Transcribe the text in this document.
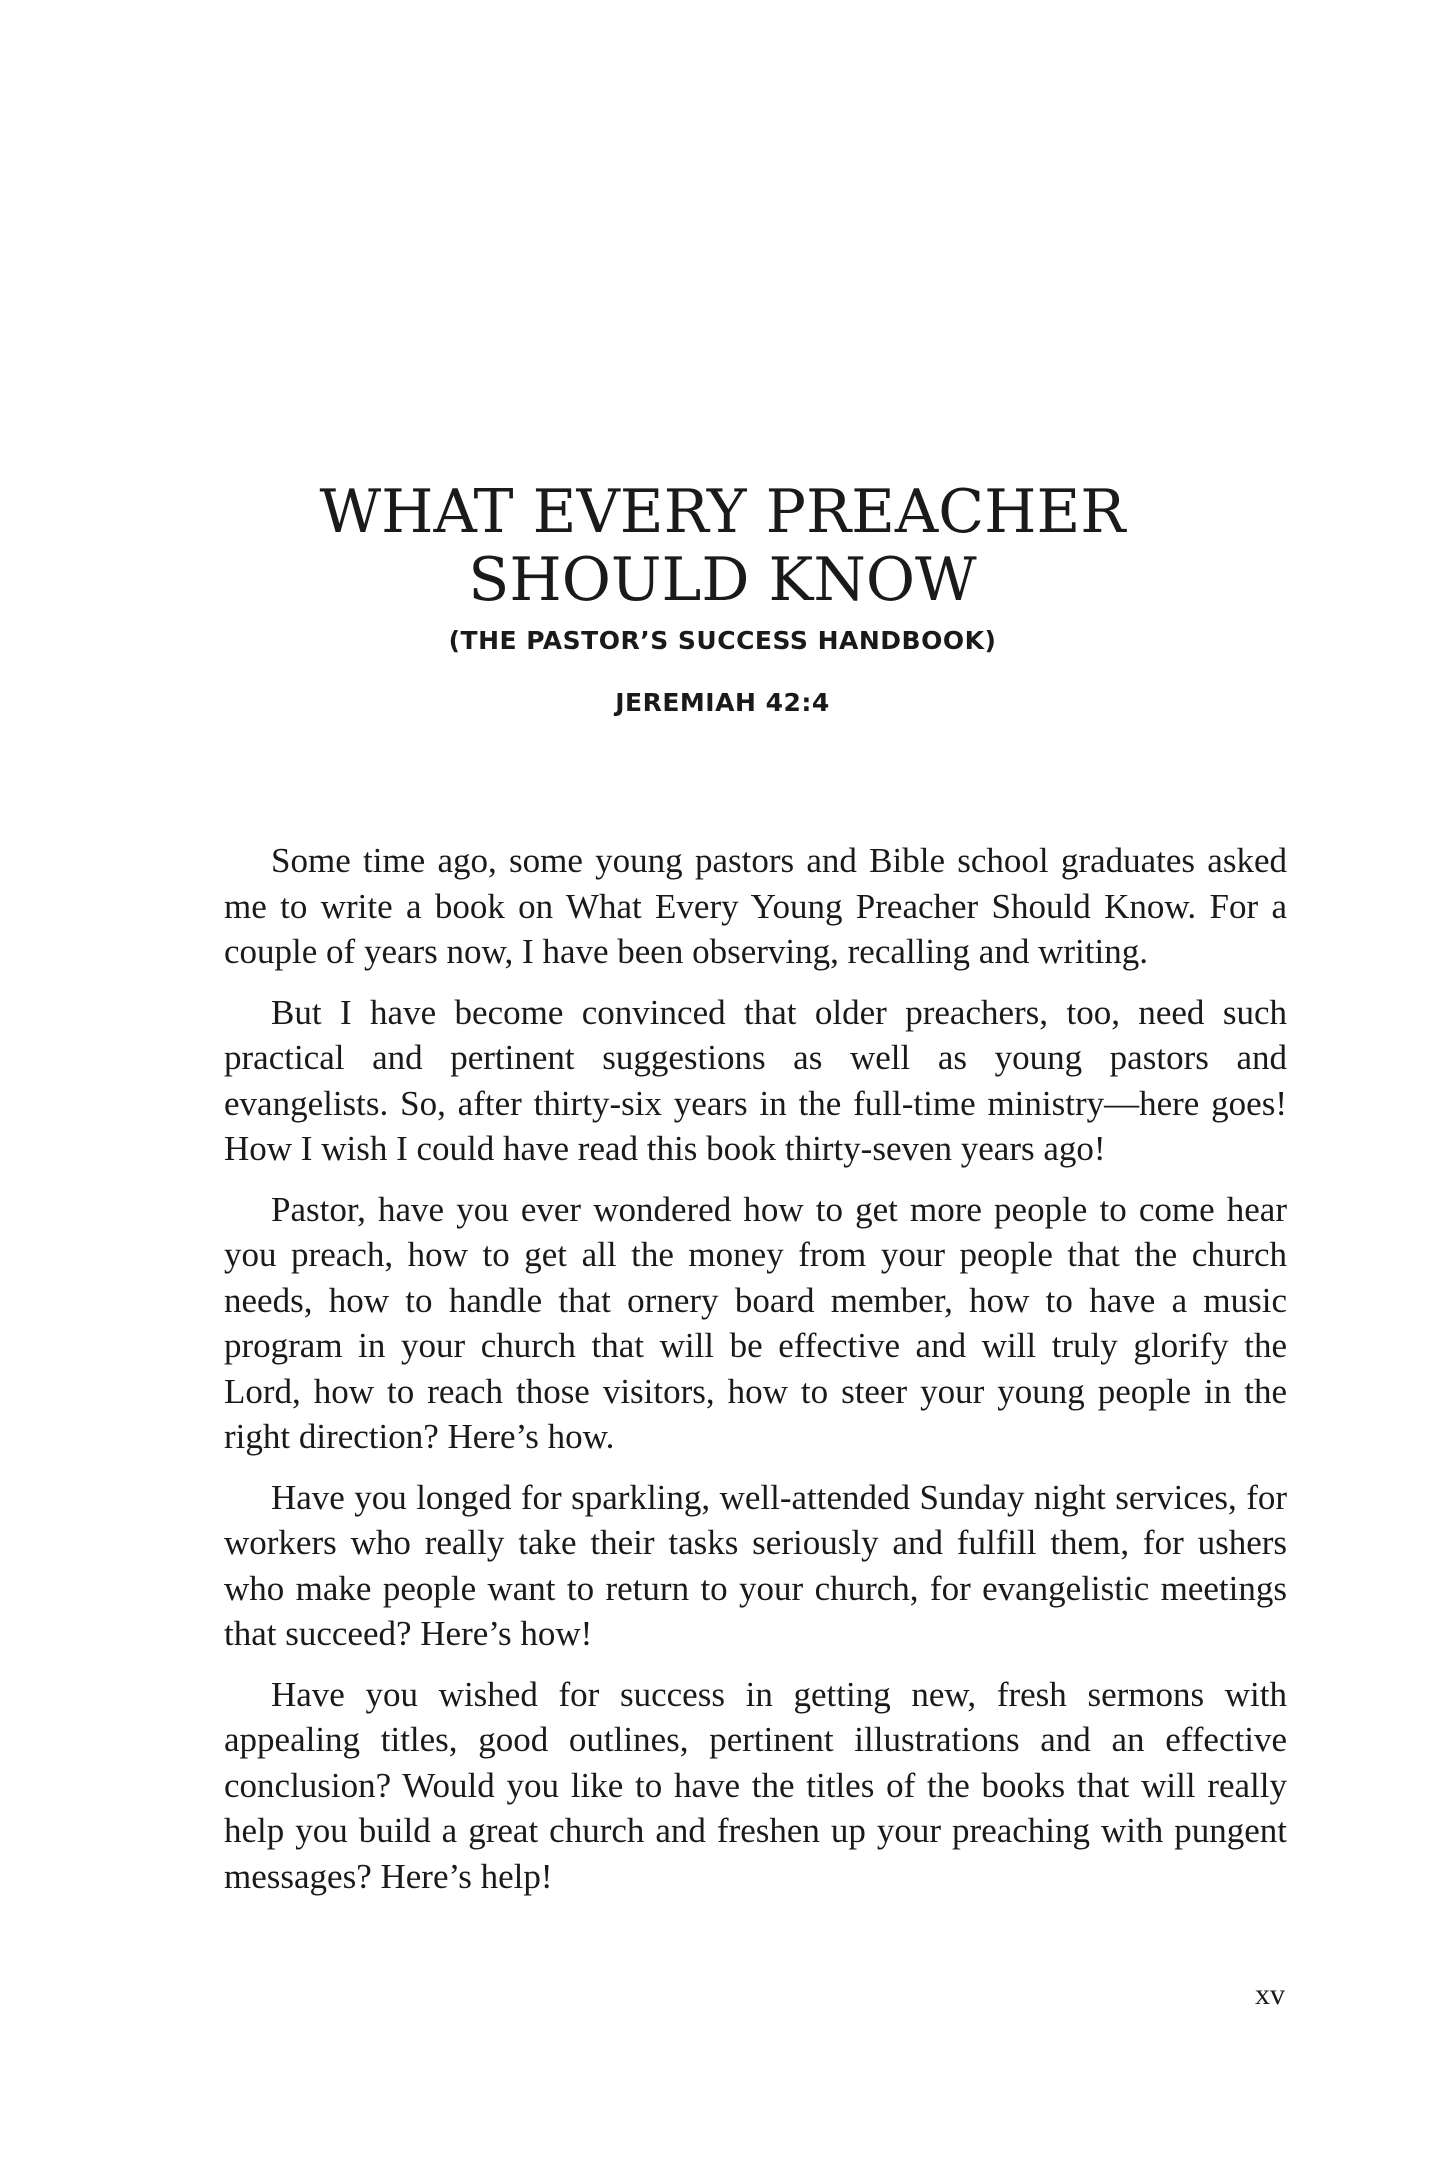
WHAT EVERY PREACHER
SHOULD KNOW
(THE PASTOR’S SUCCESS HANDBOOK)
JEREMIAH 42:4

Some time ago, some young pastors and Bible school graduates asked me to write a book on What Every Young Preacher Should Know. For a couple of years now, I have been observing, recalling and writing.

But I have become convinced that older preachers, too, need such practical and pertinent suggestions as well as young pastors and evangelists. So, after thirty-six years in the full-time ministry—here goes! How I wish I could have read this book thirty-seven years ago!

Pastor, have you ever wondered how to get more people to come hear you preach, how to get all the money from your people that the church needs, how to handle that ornery board member, how to have a music program in your church that will be effective and will truly glorify the Lord, how to reach those visitors, how to steer your young people in the right direction? Here’s how.

Have you longed for sparkling, well-attended Sunday night services, for workers who really take their tasks seriously and fulfill them, for ushers who make people want to return to your church, for evangelistic meetings that succeed? Here’s how!

Have you wished for success in getting new, fresh sermons with appealing titles, good outlines, pertinent illustrations and an effective conclusion? Would you like to have the titles of the books that will really help you build a great church and freshen up your preaching with pungent messages? Here’s help!

xv
